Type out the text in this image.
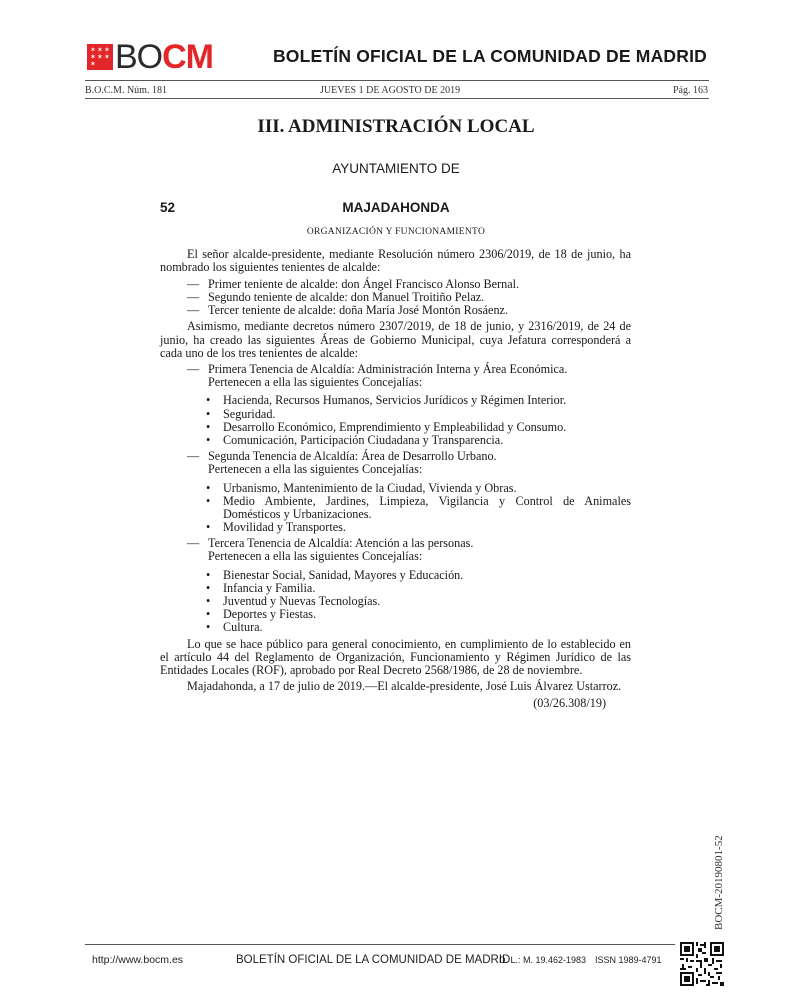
✶ ✶ ✶
✶ ✶ ✶
✶ BOCM	BOLETÍN OFICIAL DE LA COMUNIDAD DE MADRID
B.O.C.M. Núm. 181	JUEVES 1 DE AGOSTO DE 2019	Pág. 163
III. ADMINISTRACIÓN LOCAL
AYUNTAMIENTO DE
52	MAJADAHONDA
ORGANIZACIÓN Y FUNCIONAMIENTO

El señor alcalde-presidente, mediante Resolución número 2306/2019, de 18 de junio, ha nombrado los siguientes tenientes de alcalde:

— Primer teniente de alcalde: don Ángel Francisco Alonso Bernal.
— Segundo teniente de alcalde: don Manuel Troitiño Pelaz.
— Tercer teniente de alcalde: doña María José Montón Rosáenz.

Asimismo, mediante decretos número 2307/2019, de 18 de junio, y 2316/2019, de 24 de junio, ha creado las siguientes Áreas de Gobierno Municipal, cuya Jefatura corresponderá a cada uno de los tres tenientes de alcalde:

— Primera Tenencia de Alcaldía: Administración Interna y Área Económica.
Pertenecen a ella las siguientes Concejalías:
• Hacienda, Recursos Humanos, Servicios Jurídicos y Régimen Interior.
• Seguridad.
• Desarrollo Económico, Emprendimiento y Empleabilidad y Consumo.
• Comunicación, Participación Ciudadana y Transparencia.
— Segunda Tenencia de Alcaldía: Área de Desarrollo Urbano.
Pertenecen a ella las siguientes Concejalías:
• Urbanismo, Mantenimiento de la Ciudad, Vivienda y Obras.
• Medio Ambiente, Jardines, Limpieza, Vigilancia y Control de Animales Domésticos y Urbanizaciones.
• Movilidad y Transportes.
— Tercera Tenencia de Alcaldía: Atención a las personas.
Pertenecen a ella las siguientes Concejalías:
• Bienestar Social, Sanidad, Mayores y Educación.
• Infancia y Familia.
• Juventud y Nuevas Tecnologías.
• Deportes y Fiestas.
• Cultura.

Lo que se hace público para general conocimiento, en cumplimiento de lo establecido en el artículo 44 del Reglamento de Organización, Funcionamiento y Régimen Jurídico de las Entidades Locales (ROF), aprobado por Real Decreto 2568/1986, de 28 de noviembre.

Majadahonda, a 17 de julio de 2019.—El alcalde-presidente, José Luis Álvarez Ustarroz.

(03/26.308/19)
BOCM-20190801-52
http://www.bocm.es	BOLETÍN OFICIAL DE LA COMUNIDAD DE MADRID
D. L.: M. 19.462-1983 ISSN 1989-4791
